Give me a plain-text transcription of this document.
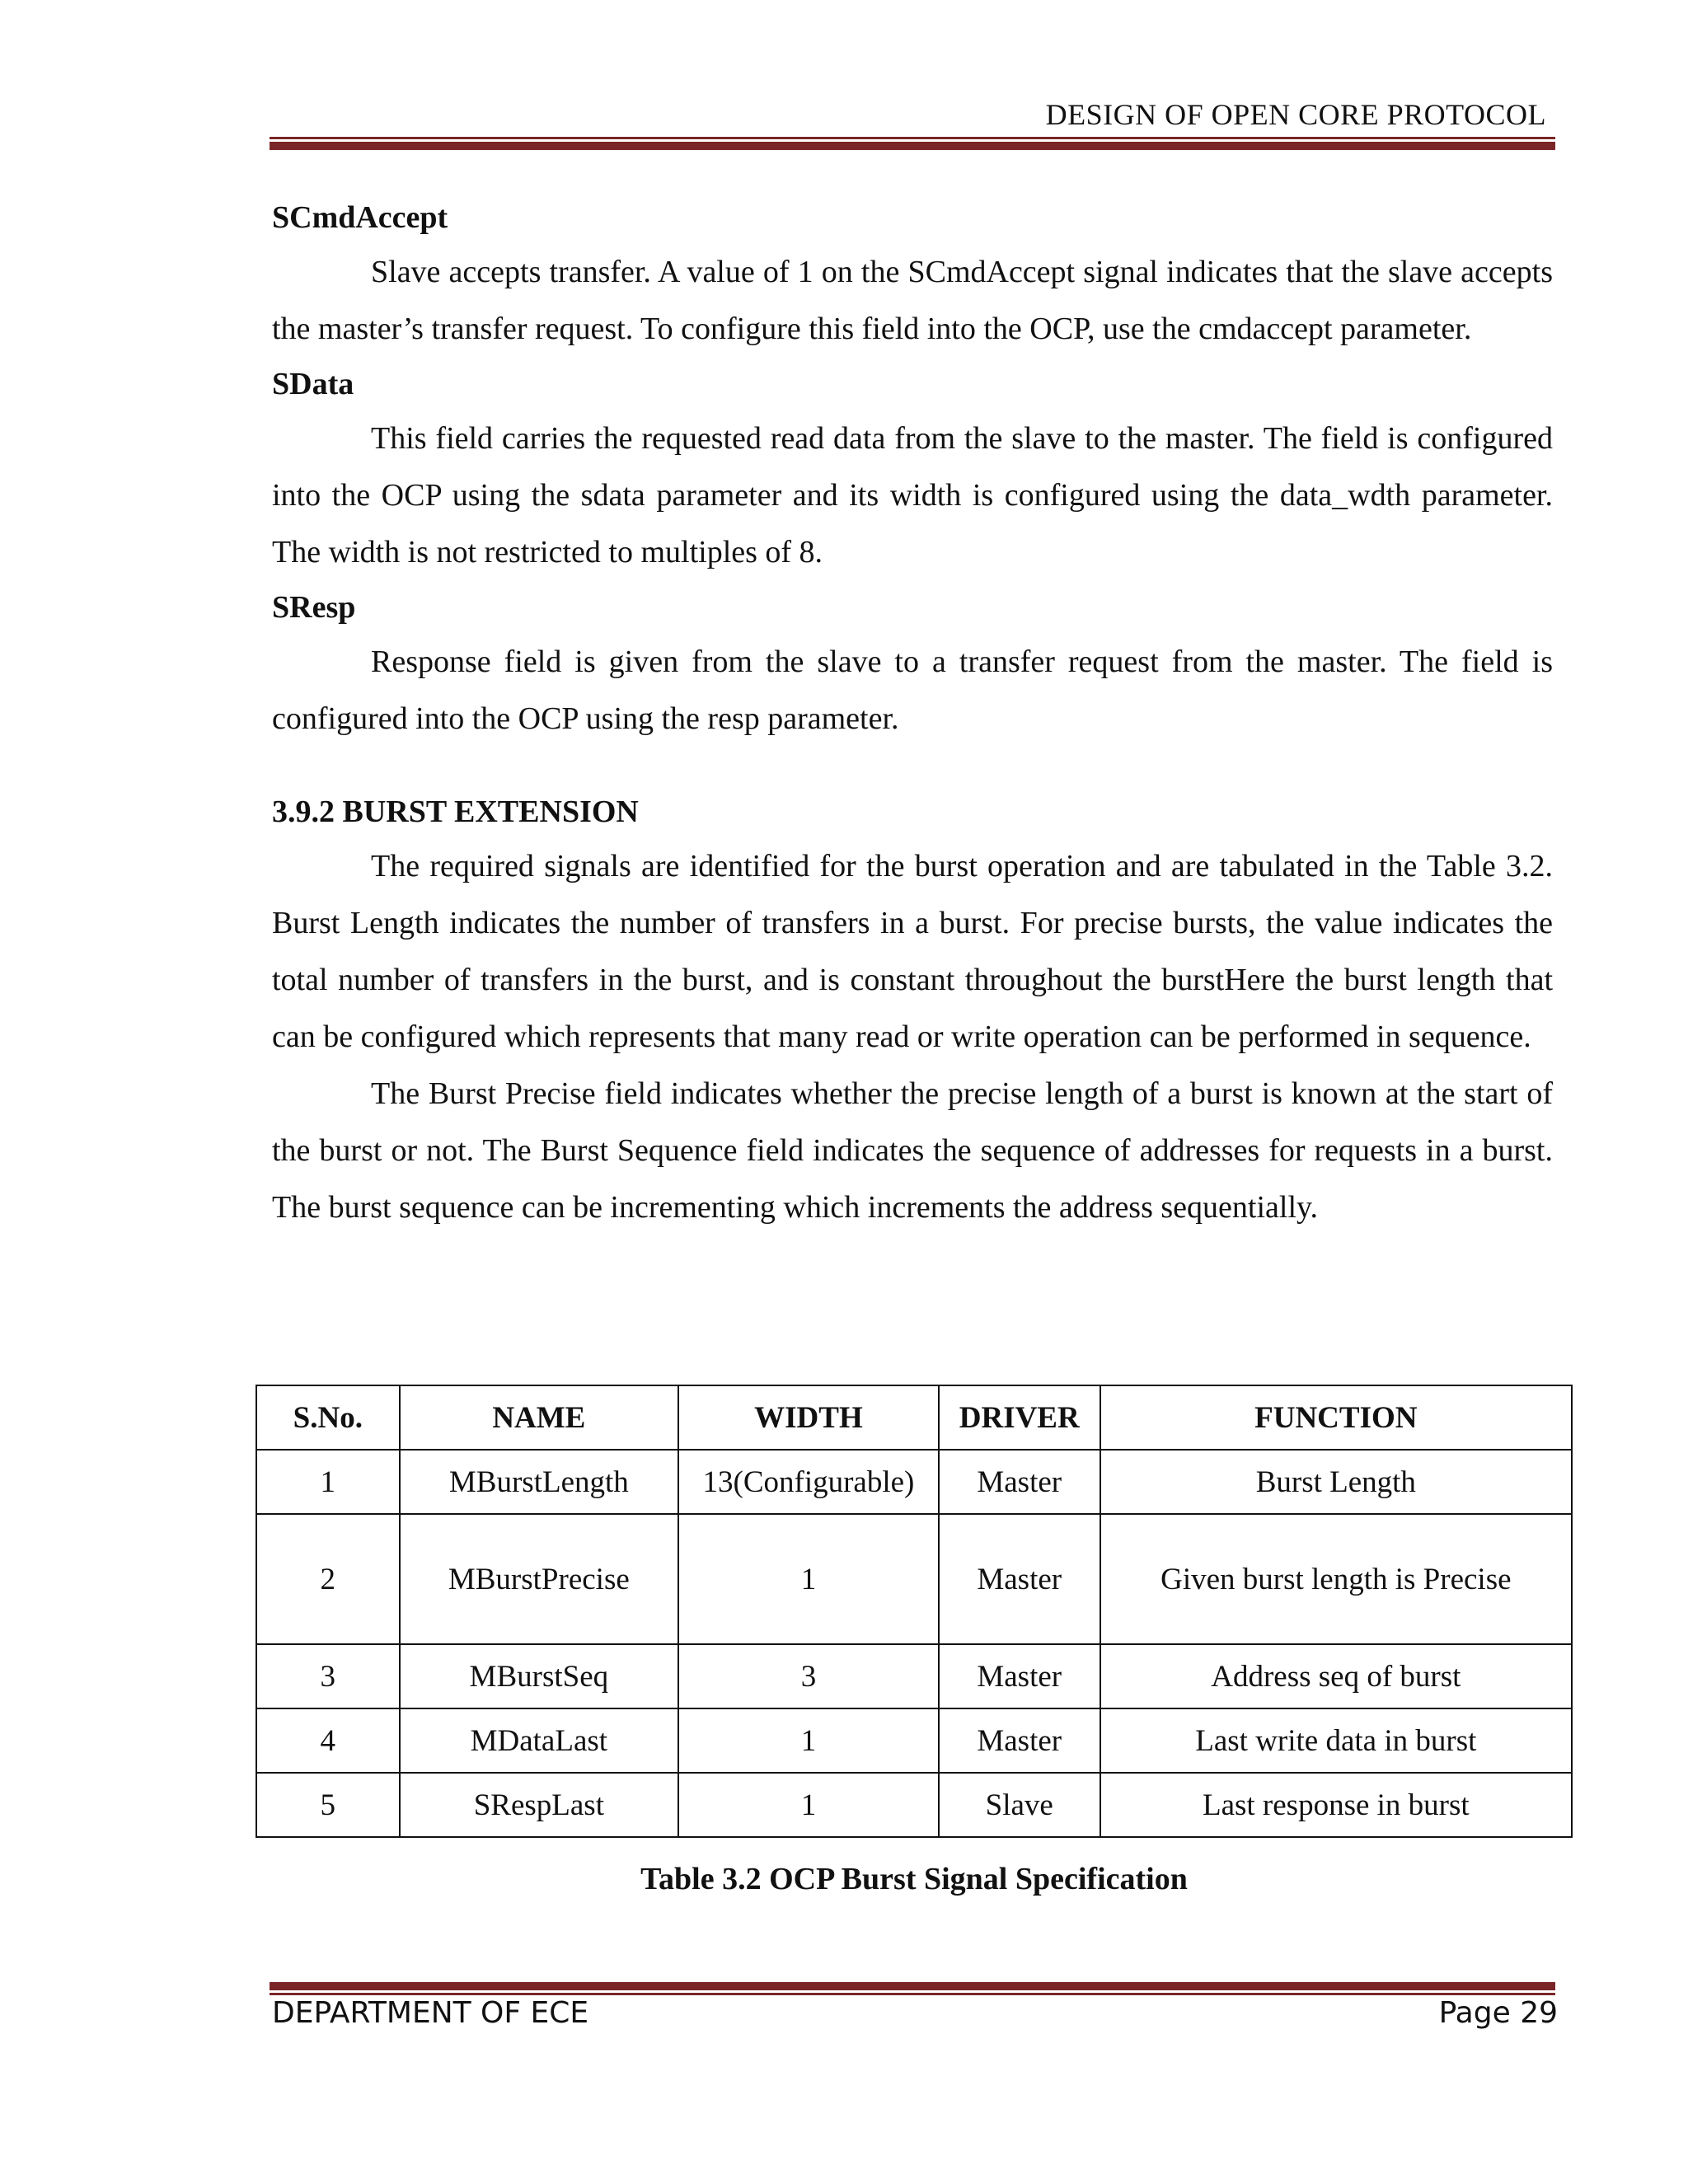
DESIGN OF OPEN CORE PROTOCOL
SCmdAccept

Slave accepts transfer. A value of 1 on the SCmdAccept signal indicates that the slave accepts the master’s transfer request. To configure this field into the OCP, use the cmdaccept parameter.

SData

This field carries the requested read data from the slave to the master. The field is configured into the OCP using the sdata parameter and its width is configured using the data_wdth parameter. The width is not restricted to multiples of 8.

SResp

Response field is given from the slave to a transfer request from the master. The field is configured into the OCP using the resp parameter.

3.9.2 BURST EXTENSION

The required signals are identified for the burst operation and are tabulated in the Table 3.2. Burst Length indicates the number of transfers in a burst. For precise bursts, the value indicates the total number of transfers in the burst, and is constant throughout the burstHere the burst length that can be configured which represents that many read or write operation can be performed in sequence.

The Burst Precise field indicates whether the precise length of a burst is known at the start of the burst or not. The Burst Sequence field indicates the sequence of addresses for requests in a burst. The burst sequence can be incrementing which increments the address sequentially.

S.No.	NAME	WIDTH	DRIVER	FUNCTION
1	MBurstLength	13(Configurable)	Master	Burst Length
2	MBurstPrecise	1	Master	Given burst length is Precise
3	MBurstSeq	3	Master	Address seq of burst
4	MDataLast	1	Master	Last write data in burst
5	SRespLast	1	Slave	Last response in burst
Table 3.2 OCP Burst Signal Specification
DEPARTMENT OF ECE	Page 29
